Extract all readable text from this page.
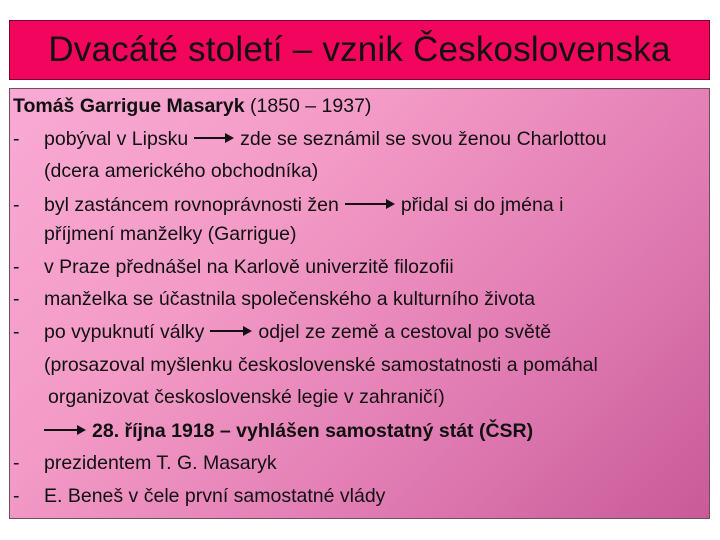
Dvacáté století – vznik Československa
Tomáš Garrigue Masaryk (1850 – 1937)
- pobýval v Lipsku	zde se seznámil se svou ženou Charlottou
(dcera amerického obchodníka)
- byl zastáncem rovnoprávnosti žen	přidal si do jména i
příjmení manželky (Garrigue)
- v Praze přednášel na Karlově univerzitě filozofii
- manželka se účastnila společenského a kulturního života
- po vypuknutí války	odjel ze země a cestoval po světě
(prosazoval myšlenku československé samostatnosti a pomáhal
organizovat československé legie v zahraničí)
28. října 1918 – vyhlášen samostatný stát (ČSR)
- prezidentem T. G. Masaryk
- E. Beneš v čele první samostatné vlády
